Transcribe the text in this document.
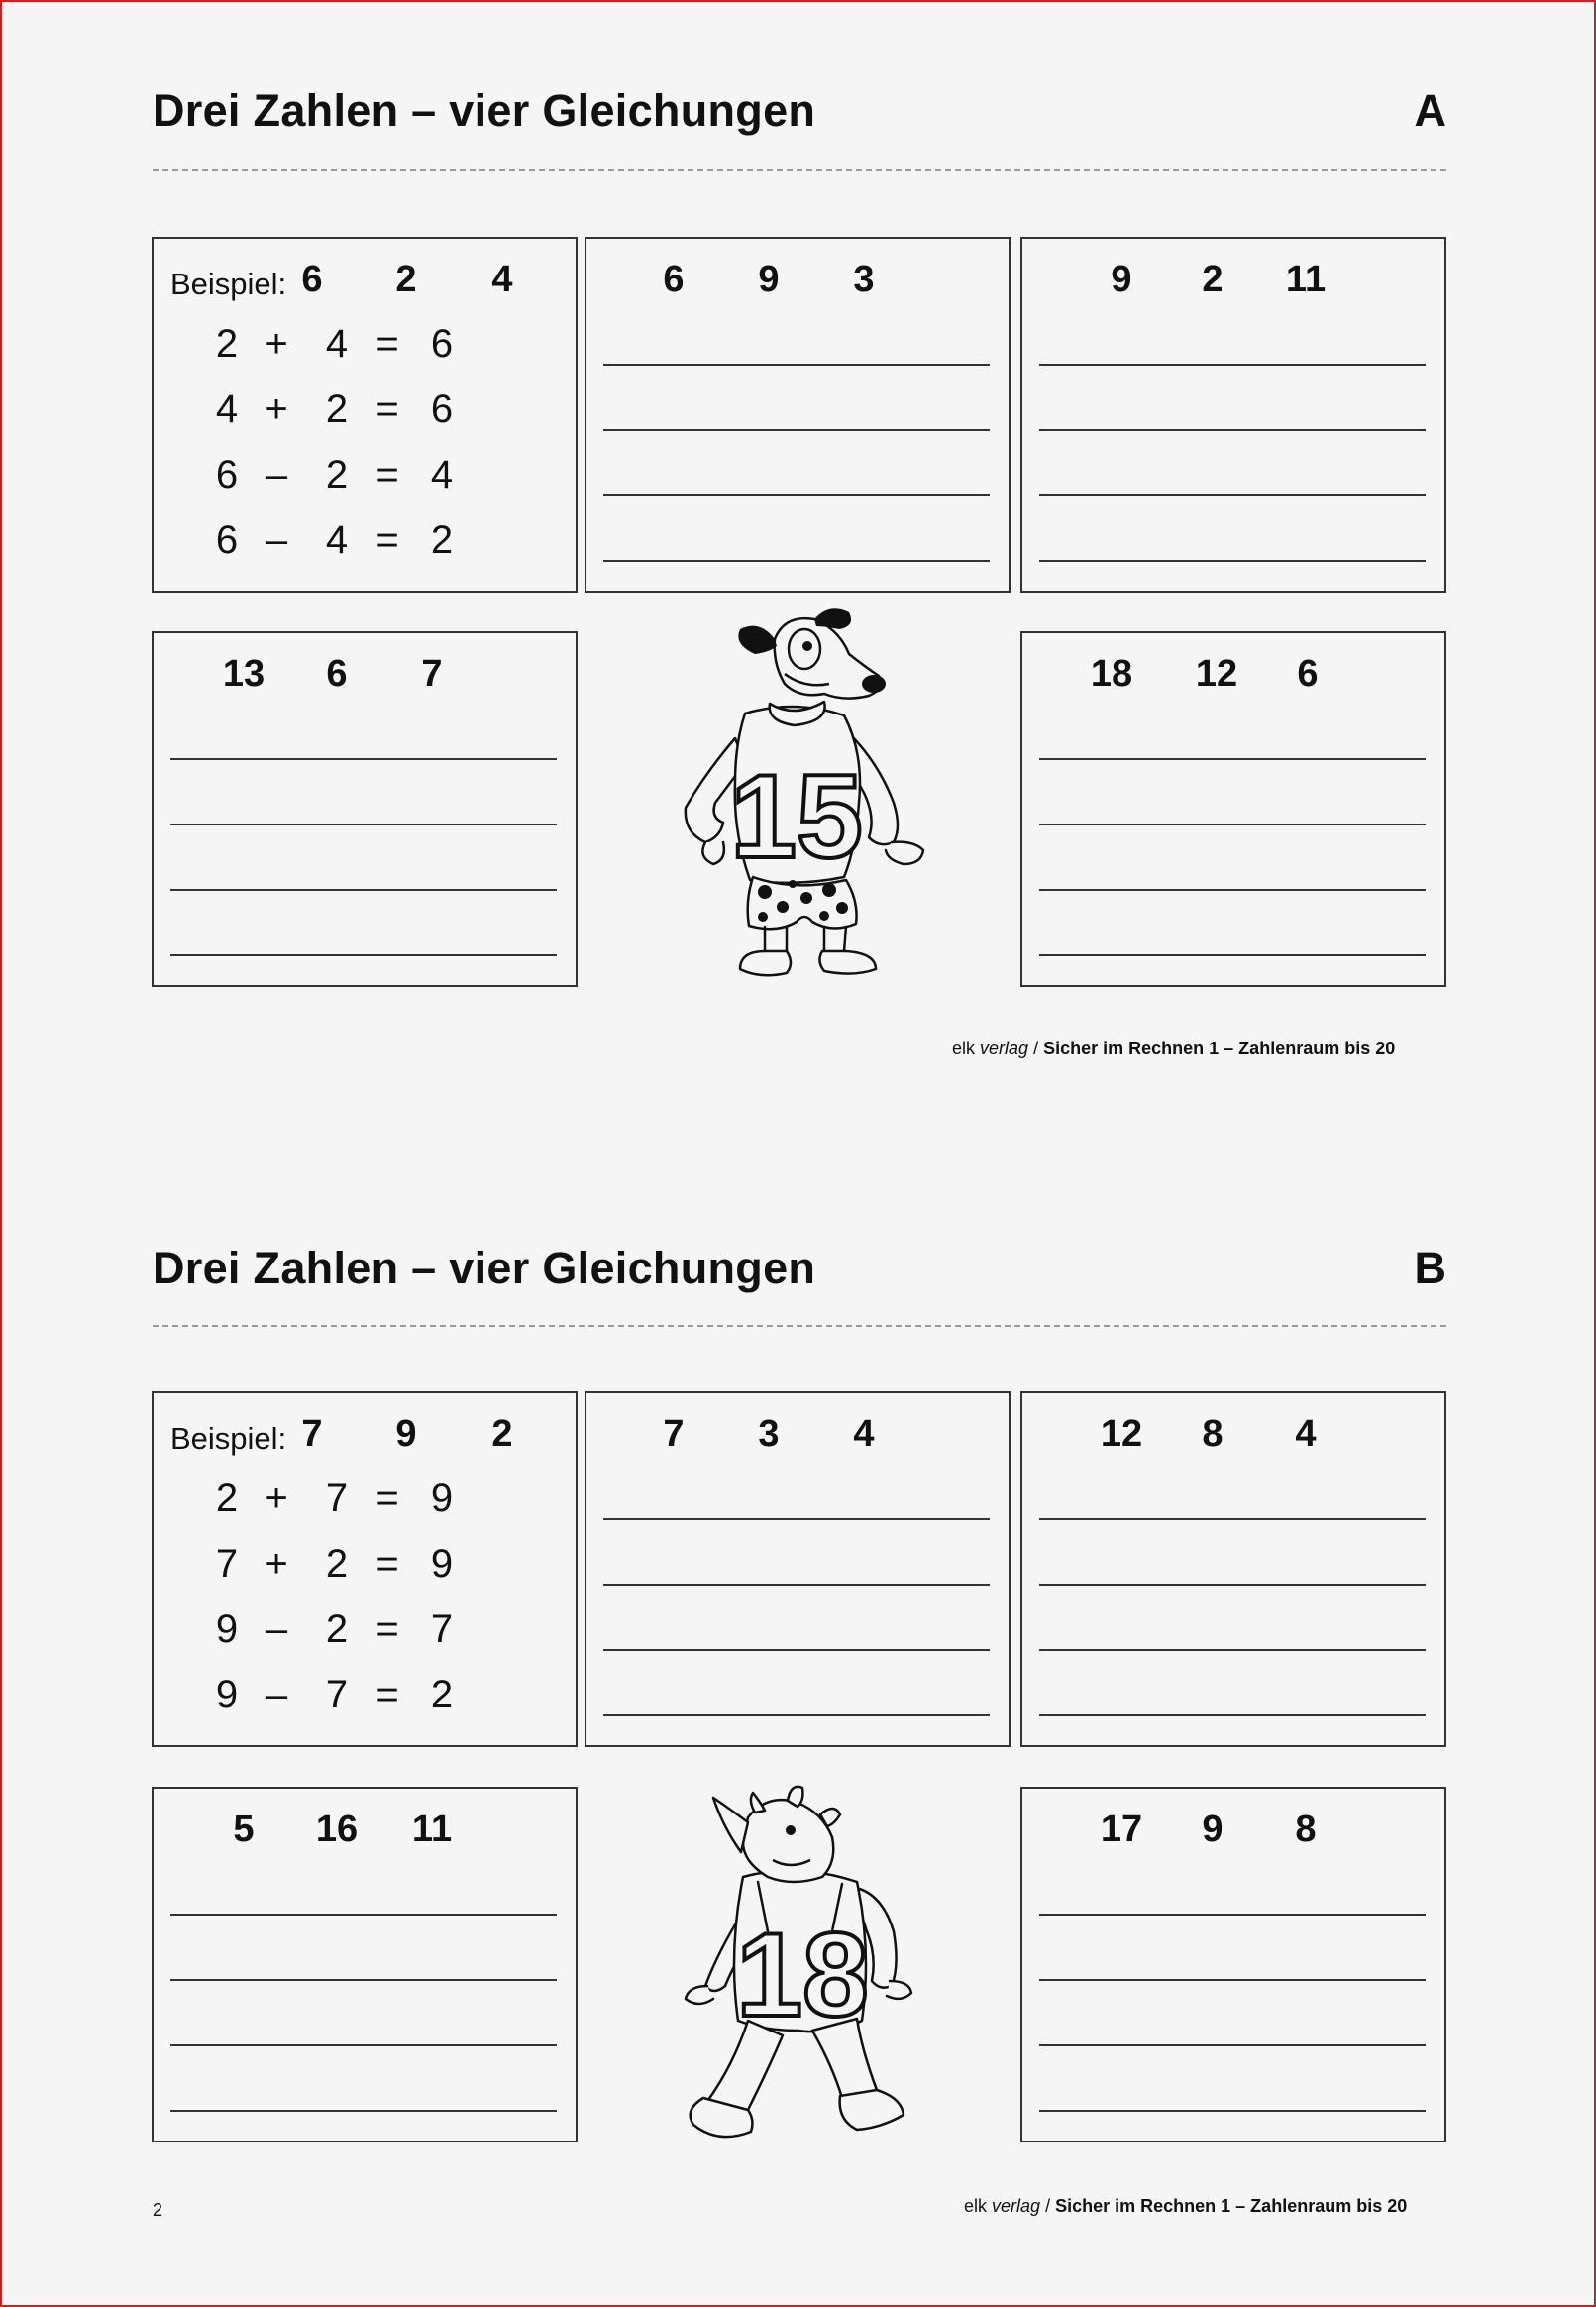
Drei Zahlen – vier Gleichungen	A
Beispiel: 6 2 4
2 + 4 = 6
4 + 2 = 6
6 – 2 = 4
6 – 4 = 2
6	9	3	9	2	11
13	6	7	18 12	6
15
elk verlag / Sicher im Rechnen 1 – Zahlenraum bis 20
Drei Zahlen – vier Gleichungen	B
Beispiel: 7 9 2
2 + 7 = 9
7 + 2 = 9
9 – 2 = 7
9 – 7 = 2
7	3	4	12	8	4
5	16 11	17	9	8
18
2	elk verlag / Sicher im Rechnen 1 – Zahlenraum bis 20
